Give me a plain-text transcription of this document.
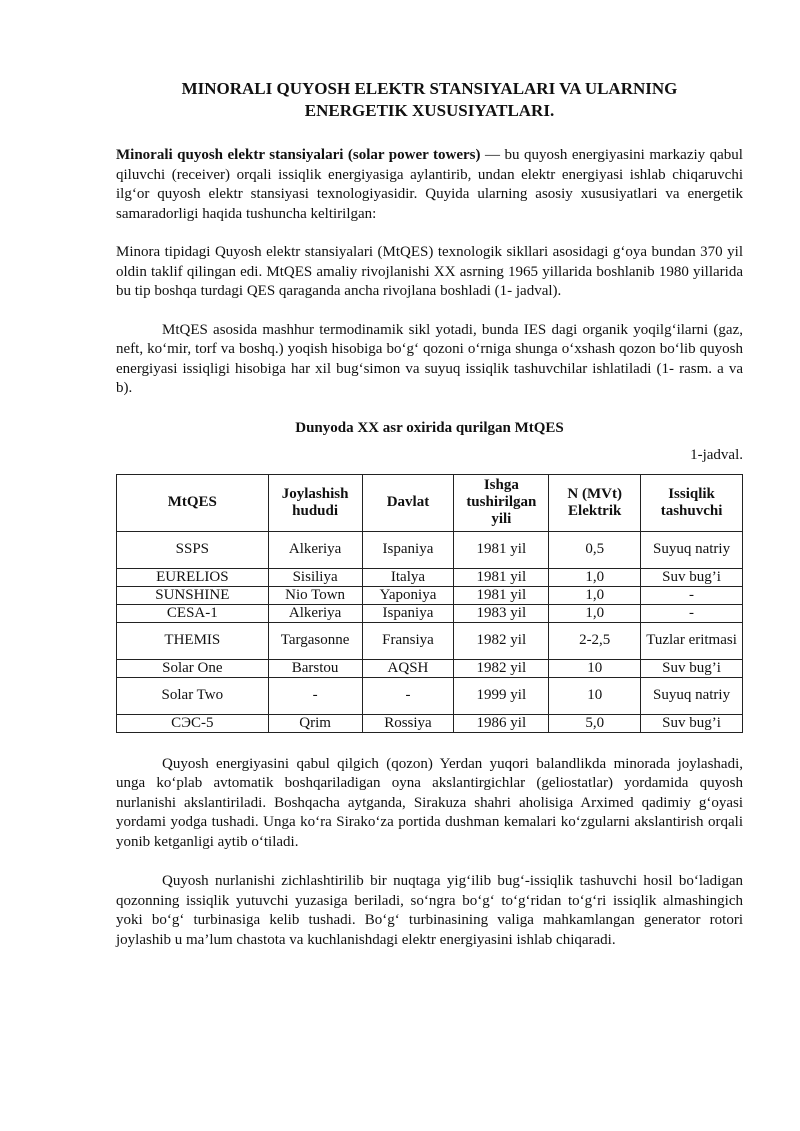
MINORALI QUYOSH ELEKTR STANSIYALARI VA ULARNING
ENERGETIK XUSUSIYATLARI.

Minorali quyosh elektr stansiyalari (solar power towers) — bu quyosh energiyasini markaziy qabul qiluvchi (receiver) orqali issiqlik energiyasiga aylantirib, undan elektr energiyasi ishlab chiqaruvchi ilg‘or quyosh elektr stansiyasi texnologiyasidir. Quyida ularning asosiy xususiyatlari va energetik samaradorligi haqida tushuncha keltirilgan:

Minora tipidagi Quyosh elektr stansiyalari (MtQES) texnologik sikllari asosidagi g‘oya bundan 370 yil oldin taklif qilingan edi. MtQES amaliy rivojlanishi XX asrning 1965 yillarida boshlanib 1980 yillarida bu tip boshqa turdagi QES qaraganda ancha rivojlana boshladi (1- jadval).

MtQES asosida mashhur termodinamik sikl yotadi, bunda IES dagi organik yoqilg‘ilarni (gaz, neft, ko‘mir, torf va boshq.) yoqish hisobiga bo‘g‘ qozoni o‘rniga shunga o‘xshash qozon bo‘lib quyosh energiyasi issiqligi hisobiga har xil bug‘simon va suyuq issiqlik tashuvchilar ishlatiladi (1- rasm. a va b).

Dunyoda XX asr oxirida qurilgan MtQES
1-jadval.
MtQES	Joylashish hududi	Davlat	Ishga tushirilgan yili	N (MVt) Elektrik	Issiqlik tashuvchi
SSPS	Alkeriya	Ispaniya	1981 yil	0,5	Suyuq natriy
EURELIOS	Sisiliya	Italya	1981 yil	1,0	Suv bug’i
SUNSHINE	Nio Town	Yaponiya	1981 yil	1,0	-
CESA-1	Alkeriya	Ispaniya	1983 yil	1,0	-
THEMIS	Targasonne	Fransiya	1982 yil	2-2,5	Tuzlar eritmasi
Solar One	Barstou	AQSH	1982 yil	10	Suv bug’i
Solar Two	-	-	1999 yil	10	Suyuq natriy
СЭС-5	Qrim	Rossiya	1986 yil	5,0	Suv bug’i

Quyosh energiyasini qabul qilgich (qozon) Yerdan yuqori balandlikda minorada joylashadi, unga ko‘plab avtomatik boshqariladigan oyna akslantirgichlar (geliostatlar) yordamida quyosh nurlanishi akslantiriladi. Boshqacha aytganda, Sirakuza shahri aholisiga Arximed qadimiy g‘oyasi yordami yodga tushadi. Unga ko‘ra Sirako‘za portida dushman kemalari ko‘zgularni akslantirish orqali yonib ketganligi aytib o‘tiladi.

Quyosh nurlanishi zichlashtirilib bir nuqtaga yig‘ilib bug‘-issiqlik tashuvchi hosil bo‘ladigan qozonning issiqlik yutuvchi yuzasiga beriladi, so‘ngra bo‘g‘ to‘g‘ridan to‘g‘ri issiqlik almashingich yoki bo‘g‘ turbinasiga kelib tushadi. Bo‘g‘ turbinasining valiga mahkamlangan generator rotori joylashib u ma’lum chastota va kuchlanishdagi elektr energiyasini ishlab chiqaradi.
